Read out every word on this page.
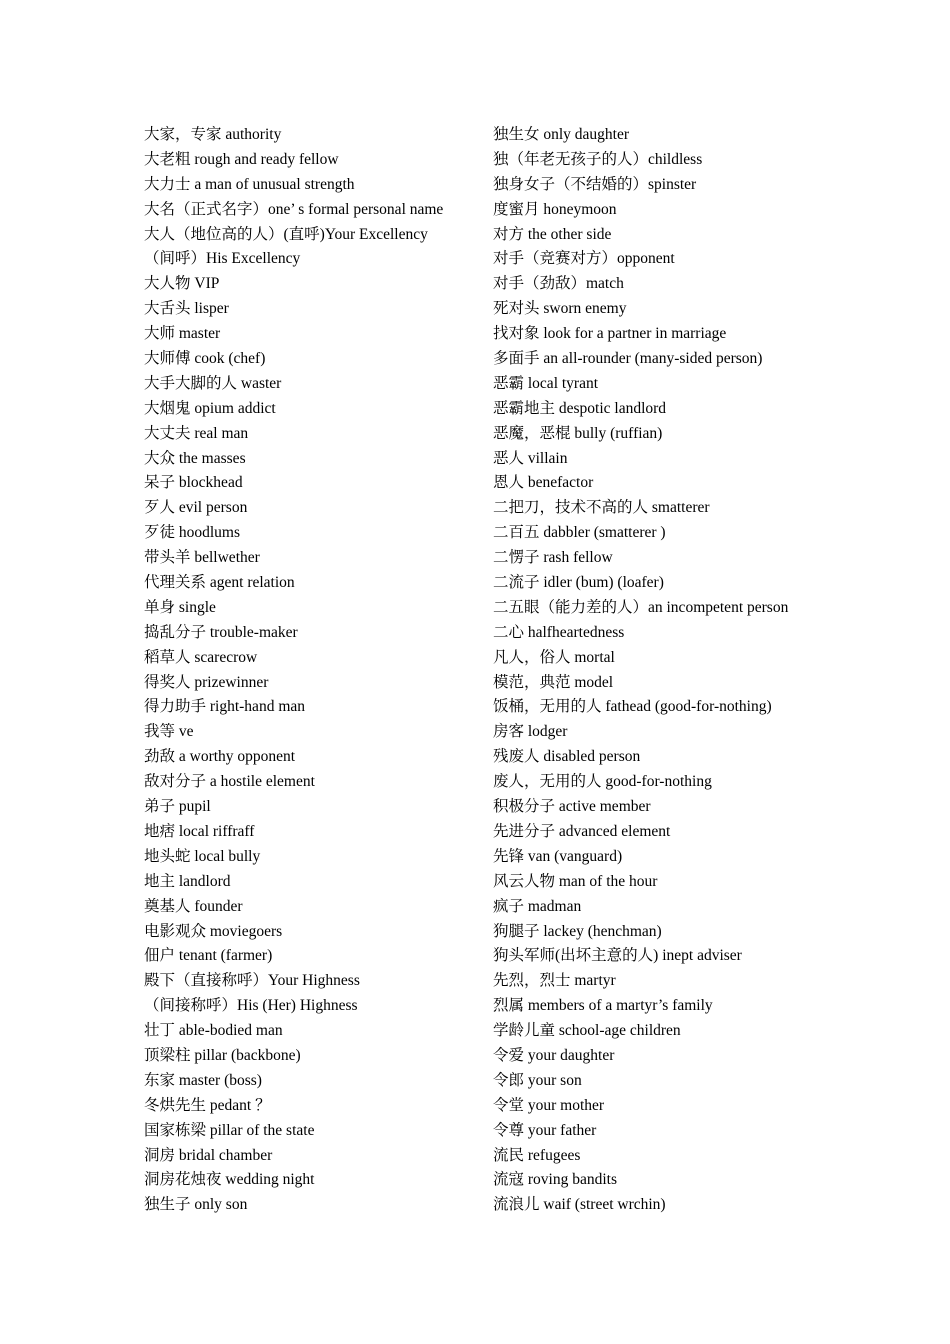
大家，专家 authority
大老粗 rough and ready fellow
大力士 a man of unusual strength
大名（正式名字）one’ s formal personal name
大人（地位高的人）(直呼)Your Excellency
（间呼）His Excellency
大人物 VIP
大舌头 lisper
大师 master
大师傅 cook (chef)
大手大脚的人 waster
大烟鬼 opium addict
大丈夫 real man
大众 the masses
呆子 blockhead
歹人 evil person
歹徒 hoodlums
带头羊 bellwether
代理关系 agent relation
单身 single
捣乱分子 trouble-maker
稻草人 scarecrow
得奖人 prizewinner
得力助手 right-hand man
我等 ve
劲敌 a worthy opponent
敌对分子 a hostile element
弟子 pupil
地痞 local riffraff
地头蛇 local bully
地主 landlord
奠基人 founder
电影观众 moviegoers
佃户 tenant (farmer)
殿下（直接称呼）Your Highness
（间接称呼）His (Her) Highness
壮丁 able-bodied man
顶梁柱 pillar (backbone)
东家 master (boss)
冬烘先生 pedant ？
国家栋梁 pillar of the state
洞房 bridal chamber
洞房花烛夜 wedding night
独生子 only son
独生女 only daughter
独（年老无孩子的人）childless
独身女子（不结婚的）spinster
度蜜月 honeymoon
对方 the other side
对手（竞赛对方）opponent
对手（劲敌）match
死对头 sworn enemy
找对象 look for a partner in marriage
多面手 an all-rounder (many-sided person)
恶霸 local tyrant
恶霸地主 despotic landlord
恶魔，恶棍 bully (ruffian)
恶人 villain
恩人 benefactor
二把刀，技术不高的人 smatterer
二百五 dabbler (smatterer )
二愣子 rash fellow
二流子 idler (bum) (loafer)
二五眼（能力差的人）an incompetent person
二心 halfheartedness
凡人，俗人 mortal
模范，典范 model
饭桶，无用的人 fathead (good-for-nothing)
房客 lodger
残废人 disabled person
废人，无用的人 good-for-nothing
积极分子 active member
先进分子 advanced element
先锋 van (vanguard)
风云人物 man of the hour
疯子 madman
狗腿子 lackey (henchman)
狗头军师(出坏主意的人) inept adviser
先烈，烈士 martyr
烈属 members of a martyr’s family
学龄儿童 school-age children
令爱 your daughter
令郎 your son
令堂 your mother
令尊 your father
流民 refugees
流寇 roving bandits
流浪儿 waif (street wrchin)
